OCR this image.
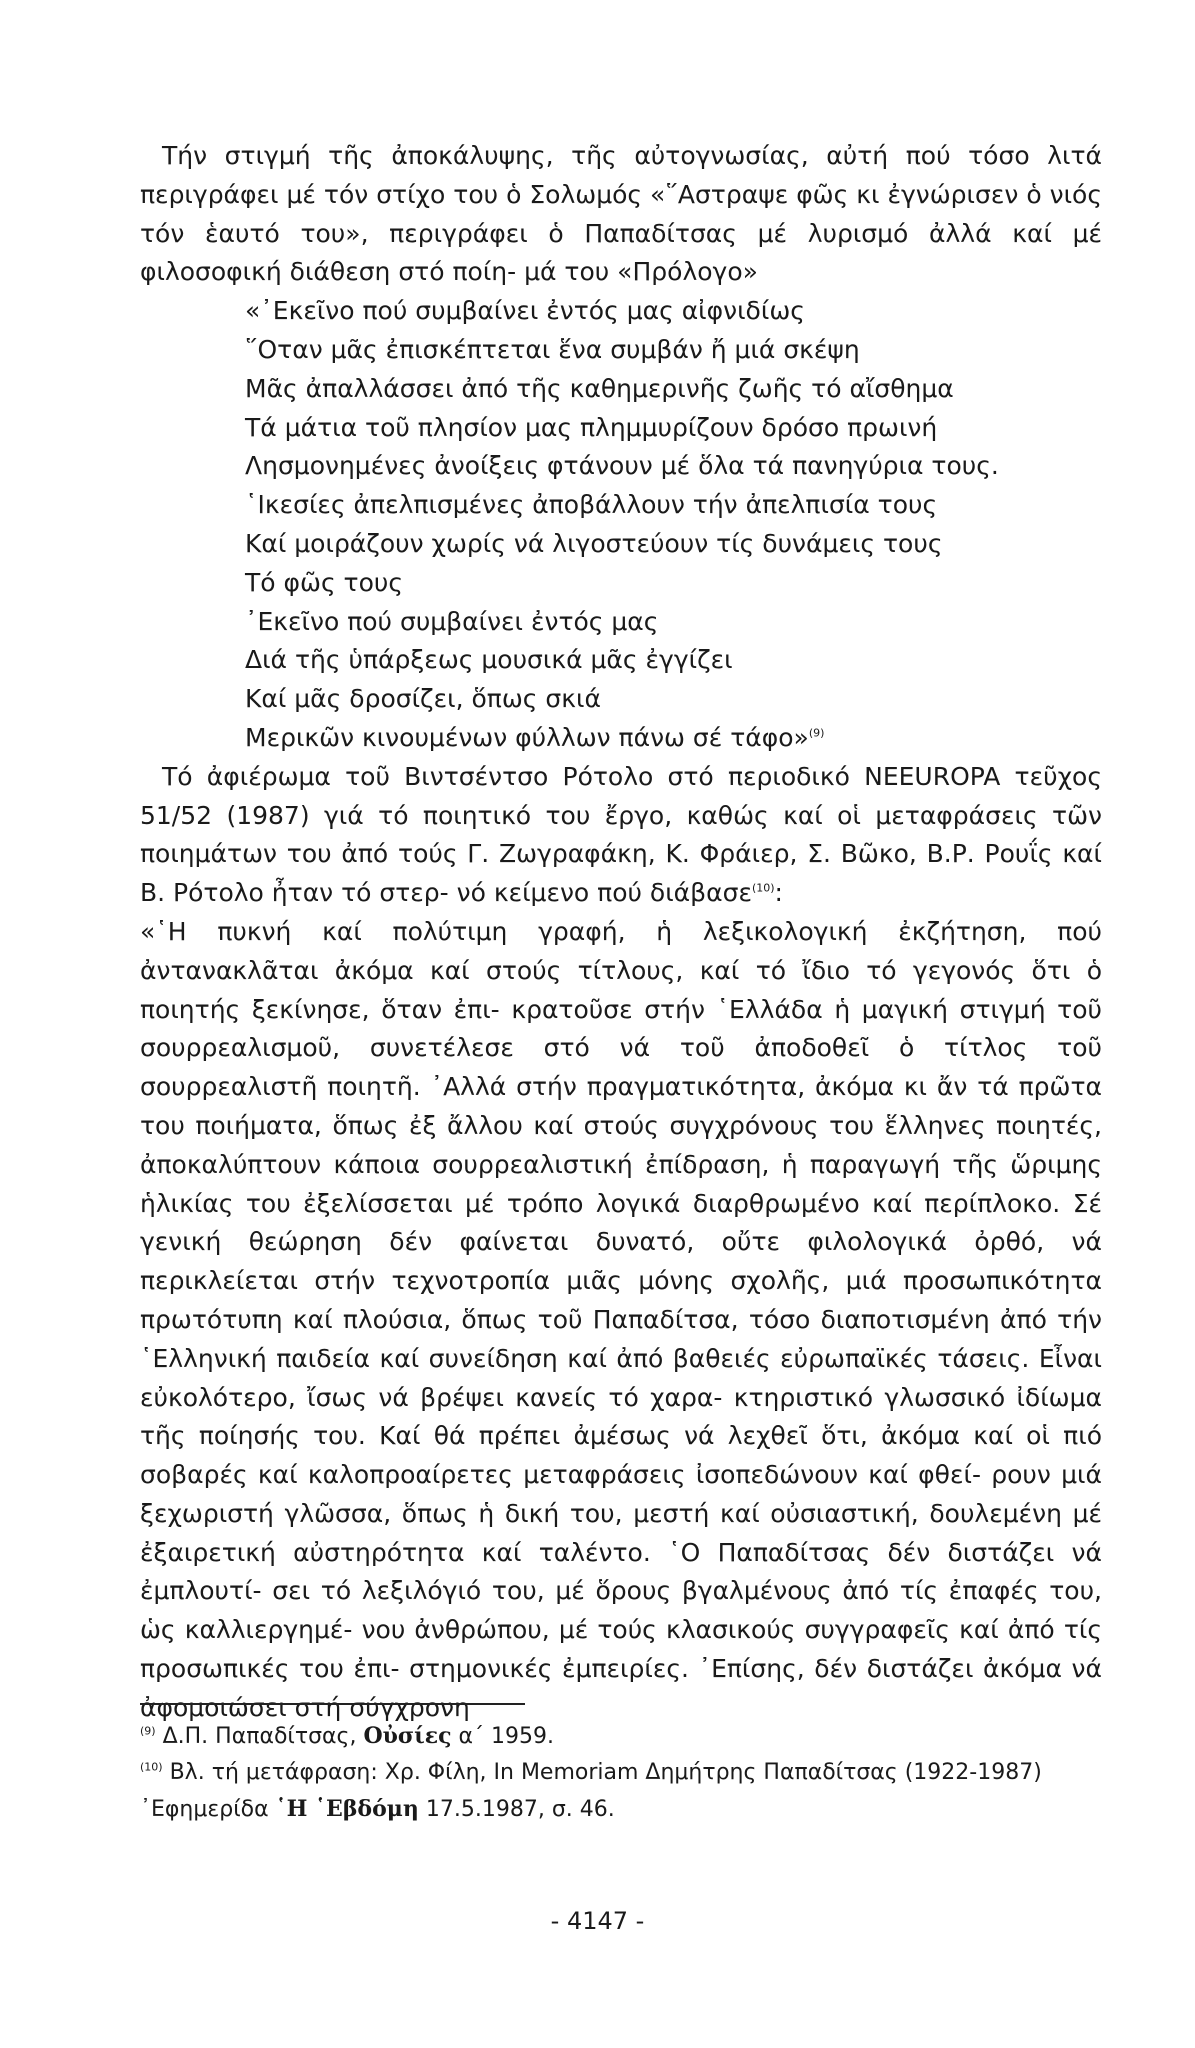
Τήν στιγμή τῆς ἀποκάλυψης, τῆς αὐτογνωσίας, αὐτή πού τόσο λιτά περιγράφει μέ τόν στίχο του ὁ Σολωμός «῞Αστραψε φῶς κι ἐγνώρισεν ὁ νιός τόν ἑαυτό του», περιγράφει ὁ Παπαδίτσας μέ λυρισμό ἀλλά καί μέ φιλοσοφική διάθεση στό ποίη- μά του «Πρόλογο»

«᾿Εκεῖνο πού συμβαίνει ἐντός μας αἰφνιδίως
῞Οταν μᾶς ἐπισκέπτεται ἕνα συμβάν ἤ μιά σκέψη
Μᾶς ἀπαλλάσσει ἀπό τῆς καθημερινῆς ζωῆς τό αἴσθημα
Τά μάτια τοῦ πλησίον μας πλημμυρίζουν δρόσο πρωινή
Λησμονημένες ἀνοίξεις φτάνουν μέ ὅλα τά πανηγύρια τους.
῾Ικεσίες ἀπελπισμένες ἀποβάλλουν τήν ἀπελπισία τους
Καί μοιράζουν χωρίς νά λιγοστεύουν τίς δυνάμεις τους
Τό φῶς τους
᾿Εκεῖνο πού συμβαίνει ἐντός μας
Διά τῆς ὑπάρξεως μουσικά μᾶς ἐγγίζει
Καί μᾶς δροσίζει, ὅπως σκιά
Μερικῶν κινουμένων φύλλων πάνω σέ τάφο»$^{(9)}$

Τό ἀφιέρωμα τοῦ Βιντσέντσο Ρότολο στό περιοδικό NEEUROPA τεῦχος 51/52 (1987) γιά τό ποιητικό του ἔργο, καθώς καί οἱ μεταφράσεις τῶν ποιημάτων του ἀπό τούς Γ. Ζωγραφάκη, Κ. Φράιερ, Σ. Βῶκο, Β.Ρ. Ρουΐς καί Β. Ρότολο ἦταν τό στερ- νό κείμενο πού διάβασε$^{(10)}$:

«῾Η πυκνή καί πολύτιμη γραφή, ἡ λεξικολογική ἐκζήτηση, πού ἀντανακλᾶται ἀκόμα καί στούς τίτλους, καί τό ἴδιο τό γεγονός ὅτι ὁ ποιητής ξεκίνησε, ὅταν ἐπι- κρατοῦσε στήν ῾Ελλάδα ἡ μαγική στιγμή τοῦ σουρρεαλισμοῦ, συνετέλεσε στό νά τοῦ ἀποδοθεῖ ὁ τίτλος τοῦ σουρρεαλιστῆ ποιητῆ. ᾿Αλλά στήν πραγματικότητα, ἀκόμα κι ἄν τά πρῶτα του ποιήματα, ὅπως ἐξ ἄλλου καί στούς συγχρόνους του ἕλληνες ποιητές, ἀποκαλύπτουν κάποια σουρρεαλιστική ἐπίδραση, ἡ παραγωγή τῆς ὥριμης ἡλικίας του ἐξελίσσεται μέ τρόπο λογικά διαρθρωμένο καί περίπλοκο. Σέ γενική θεώρηση δέν φαίνεται δυνατό, οὔτε φιλολογικά ὀρθό, νά περικλείεται στήν τεχνοτροπία μιᾶς μόνης σχολῆς, μιά προσωπικότητα πρωτότυπη καί πλούσια, ὅπως τοῦ Παπαδίτσα, τόσο διαποτισμένη ἀπό τήν ῾Ελληνική παιδεία καί συνείδηση καί ἀπό βαθειές εὐρωπαϊκές τάσεις. Εἶναι εὐκολότερο, ἴσως νά βρέψει κανείς τό χαρα- κτηριστικό γλωσσικό ἰδίωμα τῆς ποίησής του. Καί θά πρέπει ἀμέσως νά λεχθεῖ ὅτι, ἀκόμα καί οἱ πιό σοβαρές καί καλοπροαίρετες μεταφράσεις ἰσοπεδώνουν καί φθεί- ρουν μιά ξεχωριστή γλῶσσα, ὅπως ἡ δική του, μεστή καί οὐσιαστική, δουλεμένη μέ ἐξαιρετική αὐστηρότητα καί ταλέντο. ῾Ο Παπαδίτσας δέν διστάζει νά ἐμπλουτί- σει τό λεξιλόγιό του, μέ ὅρους βγαλμένους ἀπό τίς ἐπαφές του, ὡς καλλιεργημέ- νου ἀνθρώπου, μέ τούς κλασικούς συγγραφεῖς καί ἀπό τίς προσωπικές του ἐπι- στημονικές ἐμπειρίες. ᾿Επίσης, δέν διστάζει ἀκόμα νά ἀφομοιώσει στή σύγχρονη

$^{(9)}$ Δ.Π. Παπαδίτσας, Οὐσίες α΄ 1959.

$^{(10)}$ Βλ. τή μετάφραση: Χρ. Φίλη, In Memoriam Δημήτρης Παπαδίτσας (1922-1987) ᾿Εφημερίδα ῾Η ῾Εβδόμη 17.5.1987, σ. 46.

- 4147 -
